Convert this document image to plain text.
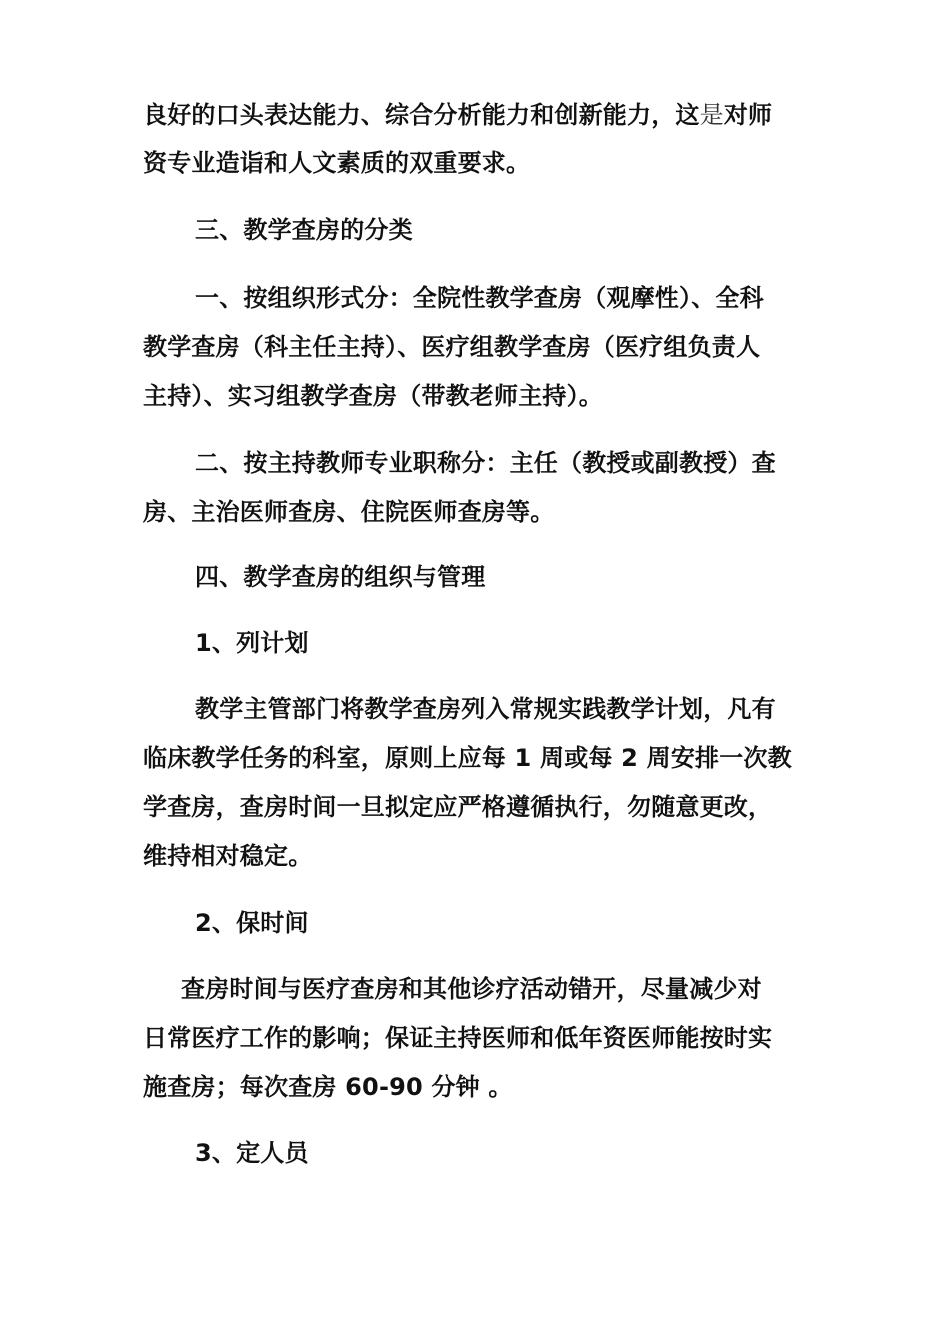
良好的口头表达能力、综合分析能力和创新能力，这是对师
资专业造诣和人文素质的双重要求。
三、教学查房的分类
一、按组织形式分：全院性教学查房（观摩性）、全科
教学查房（科主任主持）、医疗组教学查房（医疗组负责人
主持）、实习组教学查房（带教老师主持）。
二、按主持教师专业职称分：主任（教授或副教授）查
房、主治医师查房、住院医师查房等。
四、教学查房的组织与管理
1、列计划
教学主管部门将教学查房列入常规实践教学计划，凡有
临床教学任务的科室，原则上应每 1 周或每 2 周安排一次教
学查房，查房时间一旦拟定应严格遵循执行，勿随意更改，
维持相对稳定。
2、保时间
查房时间与医疗查房和其他诊疗活动错开，尽量减少对
日常医疗工作的影响；保证主持医师和低年资医师能按时实
施查房；每次查房 60-90 分钟 。
3、定人员
